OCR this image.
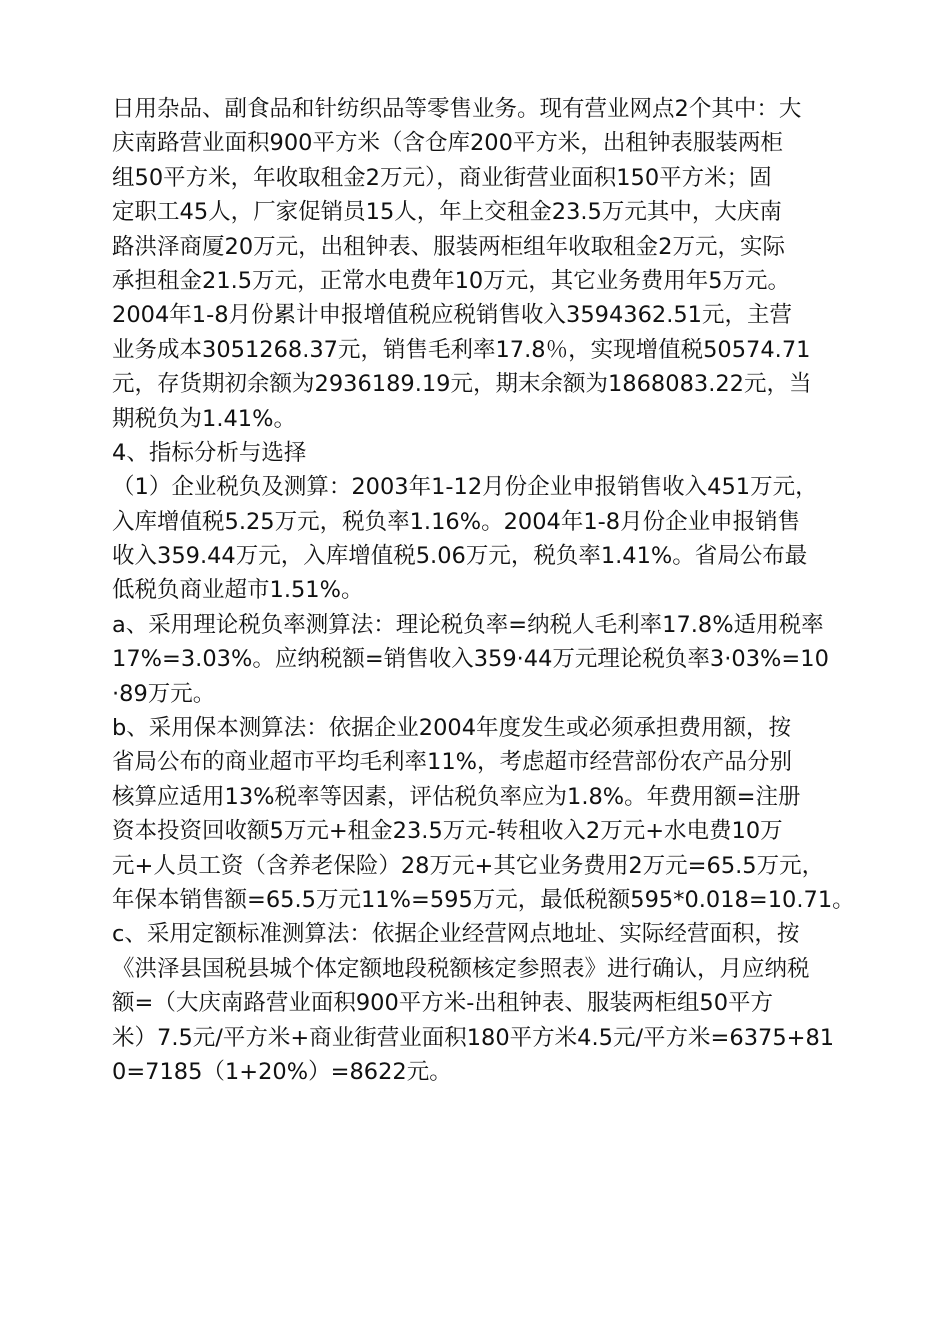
日用杂品、副食品和针纺织品等零售业务。现有营业网点2个其中：大
庆南路营业面积900平方米（含仓库200平方米，出租钟表服装两柜
组50平方米，年收取租金2万元），商业街营业面积150平方米；固
定职工45人，厂家促销员15人，年上交租金23.5万元其中，大庆南
路洪泽商厦20万元，出租钟表、服装两柜组年收取租金2万元，实际
承担租金21.5万元，正常水电费年10万元，其它业务费用年5万元。
2004年1-8月份累计申报增值税应税销售收入3594362.51元，主营
业务成本3051268.37元，销售毛利率17.8％，实现增值税50574.71
元，存货期初余额为2936189.19元，期末余额为1868083.22元，当
期税负为1.41%。
4、指标分析与选择
（1）企业税负及测算：2003年1-12月份企业申报销售收入451万元，
入库增值税5.25万元，税负率1.16%。2004年1-8月份企业申报销售
收入359.44万元，入库增值税5.06万元，税负率1.41%。省局公布最
低税负商业超市1.51%。
a、采用理论税负率测算法：理论税负率=纳税人毛利率17.8%适用税率
17%=3.03%。应纳税额=销售收入359·44万元理论税负率3·03%=10
·89万元。
b、采用保本测算法：依据企业2004年度发生或必须承担费用额，按
省局公布的商业超市平均毛利率11%，考虑超市经营部份农产品分别
核算应适用13%税率等因素，评估税负率应为1.8%。年费用额=注册
资本投资回收额5万元+租金23.5万元-转租收入2万元+水电费10万
元+人员工资（含养老保险）28万元+其它业务费用2万元=65.5万元，
年保本销售额=65.5万元11%=595万元，最低税额595*0.018=10.71。
c、采用定额标准测算法：依据企业经营网点地址、实际经营面积，按
《洪泽县国税县城个体定额地段税额核定参照表》进行确认，月应纳税
额=（大庆南路营业面积900平方米-出租钟表、服装两柜组50平方
米）7.5元/平方米+商业街营业面积180平方米4.5元/平方米=6375+81
0=7185（1+20%）=8622元。
